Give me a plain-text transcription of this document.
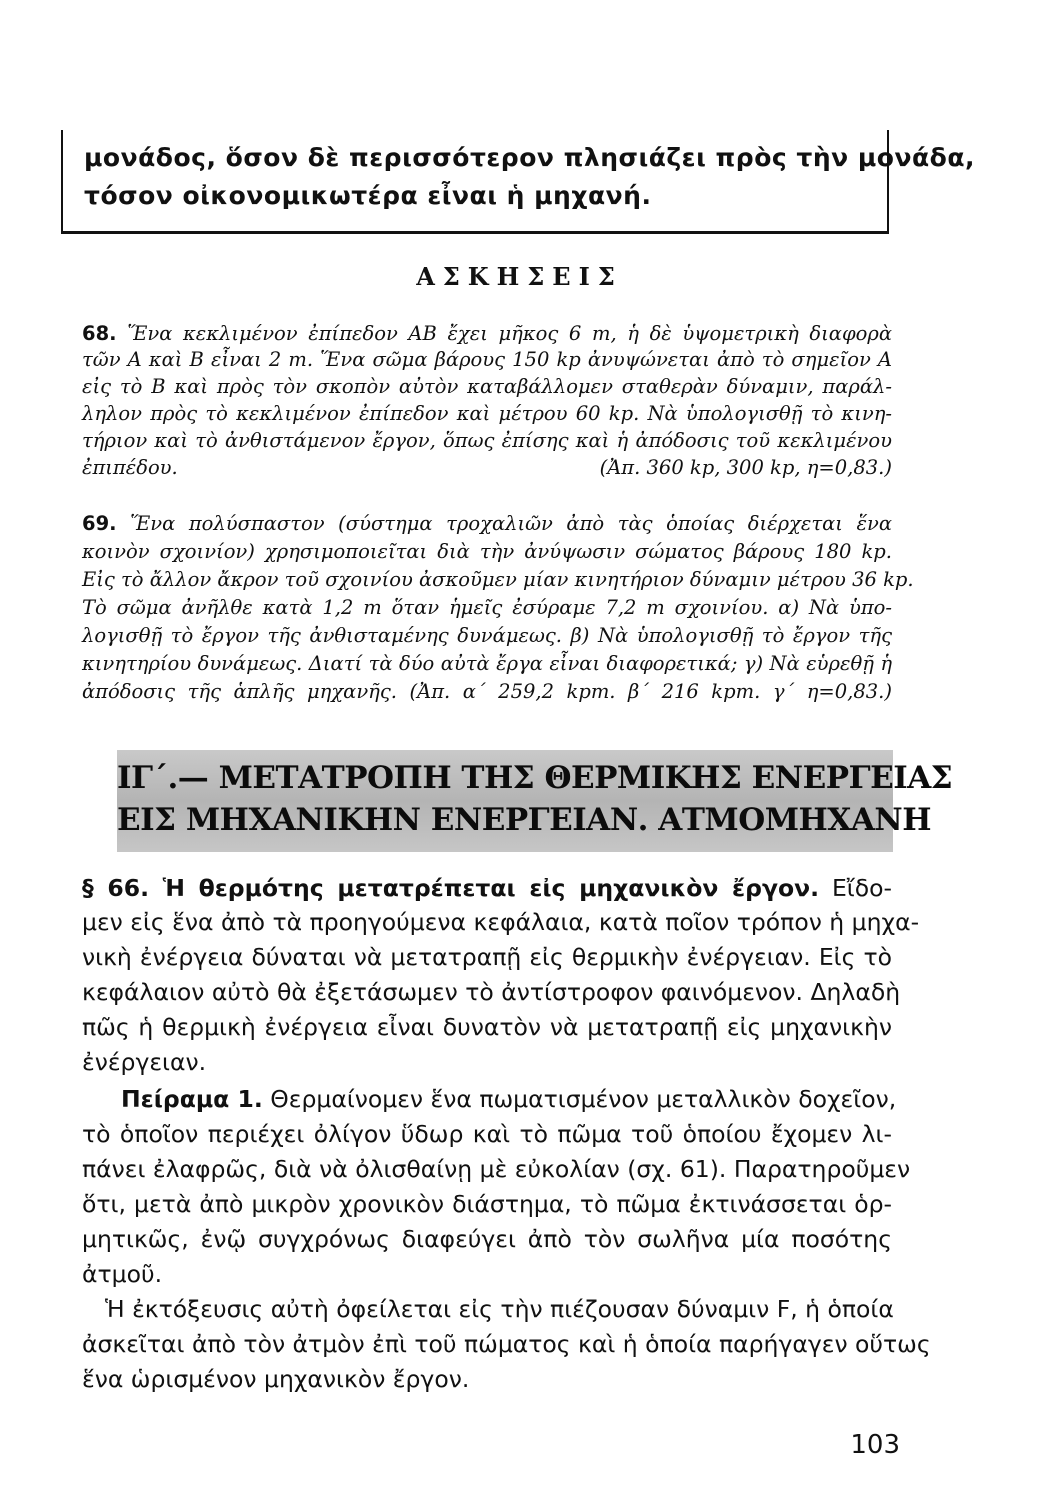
μονάδος, ὅσον δὲ περισσότερον πλησιάζει πρὸς τὴν μονάδα,
τόσον οἰκονομικωτέρα εἶναι ἡ μηχανή.
ΑΣΚΗΣΕΙΣ
68. Ἕνα κεκλιμένον ἐπίπεδον ΑΒ ἔχει μῆκος 6 m, ἡ δὲ ὑψομετρικὴ διαφορὰ
τῶν Α καὶ Β εἶναι 2 m. Ἕνα σῶμα βάρους 150 kp ἀνυψώνεται ἀπὸ τὸ σημεῖον Α
εἰς τὸ Β καὶ πρὸς τὸν σκοπὸν αὐτὸν καταβάλλομεν σταθερὰν δύναμιν, παράλ-
ληλον πρὸς τὸ κεκλιμένον ἐπίπεδον καὶ μέτρου 60 kp. Νὰ ὑπολογισθῇ τὸ κινη-
τήριον καὶ τὸ ἀνθιστάμενον ἔργον, ὅπως ἐπίσης καὶ ἡ ἀπόδοσις τοῦ κεκλιμένου
ἐπιπέδου.	(Ἀπ. 360 kp, 300 kp, η=0,83.)
69. Ἕνα πολύσπαστον (σύστημα τροχαλιῶν ἀπὸ τὰς ὁποίας διέρχεται ἕνα
κοινὸν σχοινίον) χρησιμοποιεῖται διὰ τὴν ἀνύψωσιν σώματος βάρους 180 kp.
Εἰς τὸ ἄλλον ἄκρον τοῦ σχοινίου ἀσκοῦμεν μίαν κινητήριον δύναμιν μέτρου 36 kp.
Τὸ σῶμα ἀνῆλθε κατὰ 1,2 m ὅταν ἡμεῖς ἐσύραμε 7,2 m σχοινίου. α) Νὰ ὑπο-
λογισθῇ τὸ ἔργον τῆς ἀνθισταμένης δυνάμεως. β) Νὰ ὑπολογισθῇ τὸ ἔργον τῆς
κινητηρίου δυνάμεως. Διατί τὰ δύο αὐτὰ ἔργα εἶναι διαφορετικά; γ) Νὰ εὑρεθῇ ἡ
ἀπόδοσις τῆς ἁπλῆς μηχανῆς. (Ἀπ. α΄ 259,2 kpm. β΄ 216 kpm. γ΄ η=0,83.)
ΙΓ΄.— ΜΕΤΑΤΡΟΠΗ ΤΗΣ ΘΕΡΜΙΚΗΣ ΕΝΕΡΓΕΙΑΣ
ΕΙΣ ΜΗΧΑΝΙΚΗΝ ΕΝΕΡΓΕΙΑΝ. ΑΤΜΟΜΗΧΑΝΗ
§ 66. Ἡ θερμότης μετατρέπεται εἰς μηχανικὸν ἔργον. Εἴδο-
μεν εἰς ἕνα ἀπὸ τὰ προηγούμενα κεφάλαια, κατὰ ποῖον τρόπον ἡ μηχα-
νικὴ ἐνέργεια δύναται νὰ μετατραπῇ εἰς θερμικὴν ἐνέργειαν. Εἰς τὸ
κεφάλαιον αὐτὸ θὰ ἐξετάσωμεν τὸ ἀντίστροφον φαινόμενον. Δηλαδὴ
πῶς ἡ θερμικὴ ἐνέργεια εἶναι δυνατὸν νὰ μετατραπῇ εἰς μηχανικὴν
ἐνέργειαν.
Πείραμα 1. Θερμαίνομεν ἕνα πωματισμένον μεταλλικὸν δοχεῖον,
τὸ ὁποῖον περιέχει ὀλίγον ὕδωρ καὶ τὸ πῶμα τοῦ ὁποίου ἔχομεν λι-
πάνει ἐλαφρῶς, διὰ νὰ ὀλισθαίνῃ μὲ εὐκολίαν (σχ. 61). Παρατηροῦμεν
ὅτι, μετὰ ἀπὸ μικρὸν χρονικὸν διάστημα, τὸ πῶμα ἐκτινάσσεται ὁρ-
μητικῶς, ἐνῷ συγχρόνως διαφεύγει ἀπὸ τὸν σωλῆνα μία ποσότης
ἀτμοῦ.
Ἡ ἐκτόξευσις αὐτὴ ὀφείλεται εἰς τὴν πιέζουσαν δύναμιν F, ἡ ὁποία
ἀσκεῖται ἀπὸ τὸν ἀτμὸν ἐπὶ τοῦ πώματος καὶ ἡ ὁποία παρήγαγεν οὕτως
ἕνα ὡρισμένον μηχανικὸν ἔργον.
103
